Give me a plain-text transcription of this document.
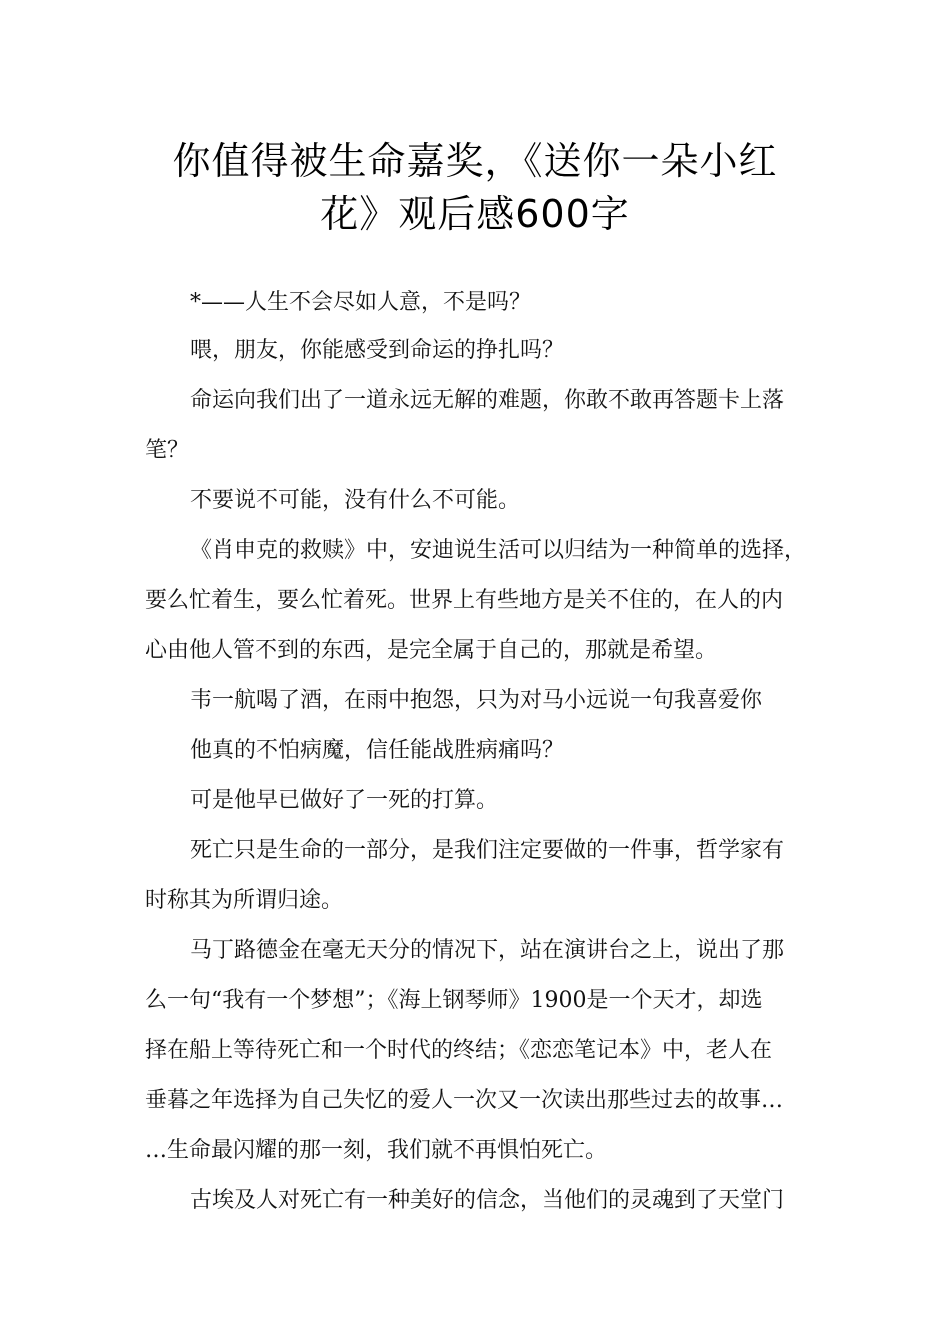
你值得被生命嘉奖，《送你一朵小红
花》观后感600字
*——人生不会尽如人意，不是吗？
喂，朋友，你能感受到命运的挣扎吗？
命运向我们出了一道永远无解的难题，你敢不敢再答题卡上落
笔？
不要说不可能，没有什么不可能。
《肖申克的救赎》中，安迪说生活可以归结为一种简单的选择，
要么忙着生，要么忙着死。世界上有些地方是关不住的，在人的内
心由他人管不到的东西，是完全属于自己的，那就是希望。
韦一航喝了酒，在雨中抱怨，只为对马小远说一句我喜爱你
他真的不怕病魔，信任能战胜病痛吗？
可是他早已做好了一死的打算。
死亡只是生命的一部分，是我们注定要做的一件事，哲学家有
时称其为所谓归途。
马丁路德金在毫无天分的情况下，站在演讲台之上，说出了那
么一句“我有一个梦想”；《海上钢琴师》1900是一个天才，却选
择在船上等待死亡和一个时代的终结；《恋恋笔记本》中，老人在
垂暮之年选择为自己失忆的爱人一次又一次读出那些过去的故事…
…生命最闪耀的那一刻，我们就不再惧怕死亡。
古埃及人对死亡有一种美好的信念，当他们的灵魂到了天堂门
